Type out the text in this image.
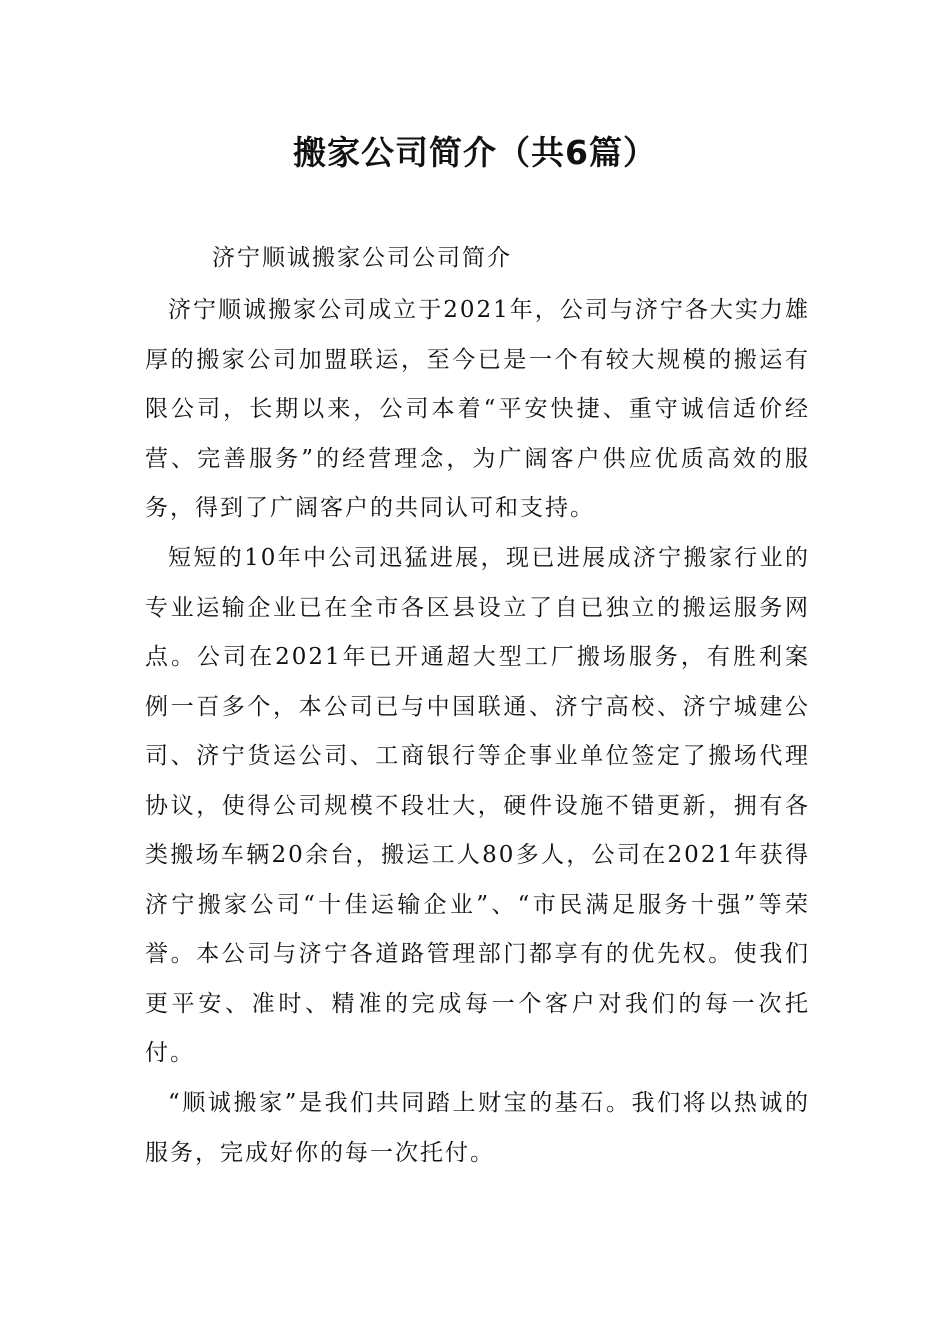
搬家公司简介（共6篇）
济宁顺诚搬家公司公司简介

济宁顺诚搬家公司成立于2021年，公司与济宁各大实力雄厚的搬家公司加盟联运，至今已是一个有较大规模的搬运有限公司，长期以来，公司本着“平安快捷、重守诚信适价经营、完善服务”的经营理念，为广阔客户供应优质高效的服务，得到了广阔客户的共同认可和支持。

短短的10年中公司迅猛进展，现已进展成济宁搬家行业的专业运输企业已在全市各区县设立了自已独立的搬运服务网点。公司在2021年已开通超大型工厂搬场服务，有胜利案例一百多个，本公司已与中国联通、济宁高校、济宁城建公司、济宁货运公司、工商银行等企事业单位签定了搬场代理协议，使得公司规模不段壮大，硬件设施不错更新，拥有各类搬场车辆20余台，搬运工人80多人，公司在2021年获得 济宁搬家公司“十佳运输企业”、“市民满足服务十强”等荣誉。本公司与济宁各道路管理部门都享有的优先权。使我们更平安、准时、精准的完成每一个客户对我们的每一次托付。

“顺诚搬家”是我们共同踏上财宝的基石。我们将以热诚的服务，完成好你的每一次托付。
